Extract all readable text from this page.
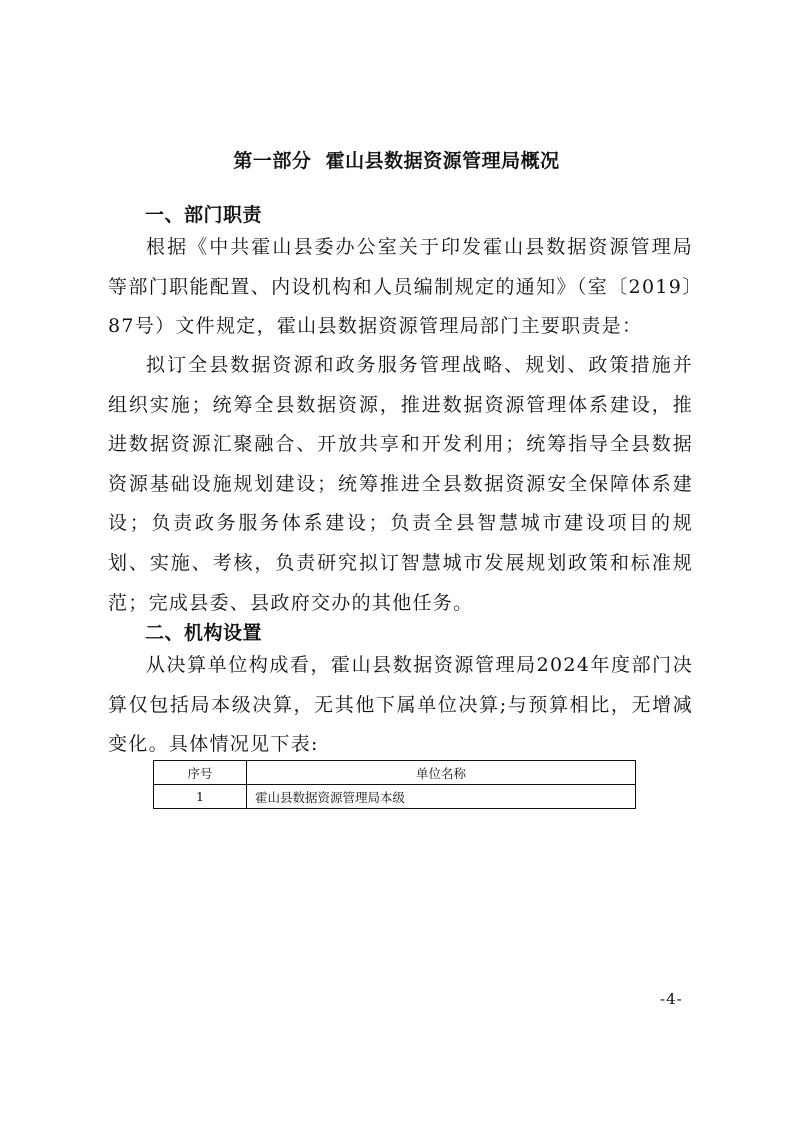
第一部分  霍山县数据资源管理局概况
一、部门职责
根据《中共霍山县委办公室关于印发霍山县数据资源管理局等部门职能配置、内设机构和人员编制规定的通知》（室〔2019〕87号）文件规定，霍山县数据资源管理局部门主要职责是：
拟订全县数据资源和政务服务管理战略、规划、政策措施并组织实施；统筹全县数据资源，推进数据资源管理体系建设，推进数据资源汇聚融合、开放共享和开发利用；统筹指导全县数据资源基础设施规划建设；统筹推进全县数据资源安全保障体系建设；负责政务服务体系建设；负责全县智慧城市建设项目的规划、实施、考核，负责研究拟订智慧城市发展规划政策和标准规范；完成县委、县政府交办的其他任务。
二、机构设置
从决算单位构成看，霍山县数据资源管理局2024年度部门决算仅包括局本级决算，无其他下属单位决算;与预算相比，无增减变化。具体情况见下表:
序号	单位名称
1	霍山县数据资源管理局本级
-4-
